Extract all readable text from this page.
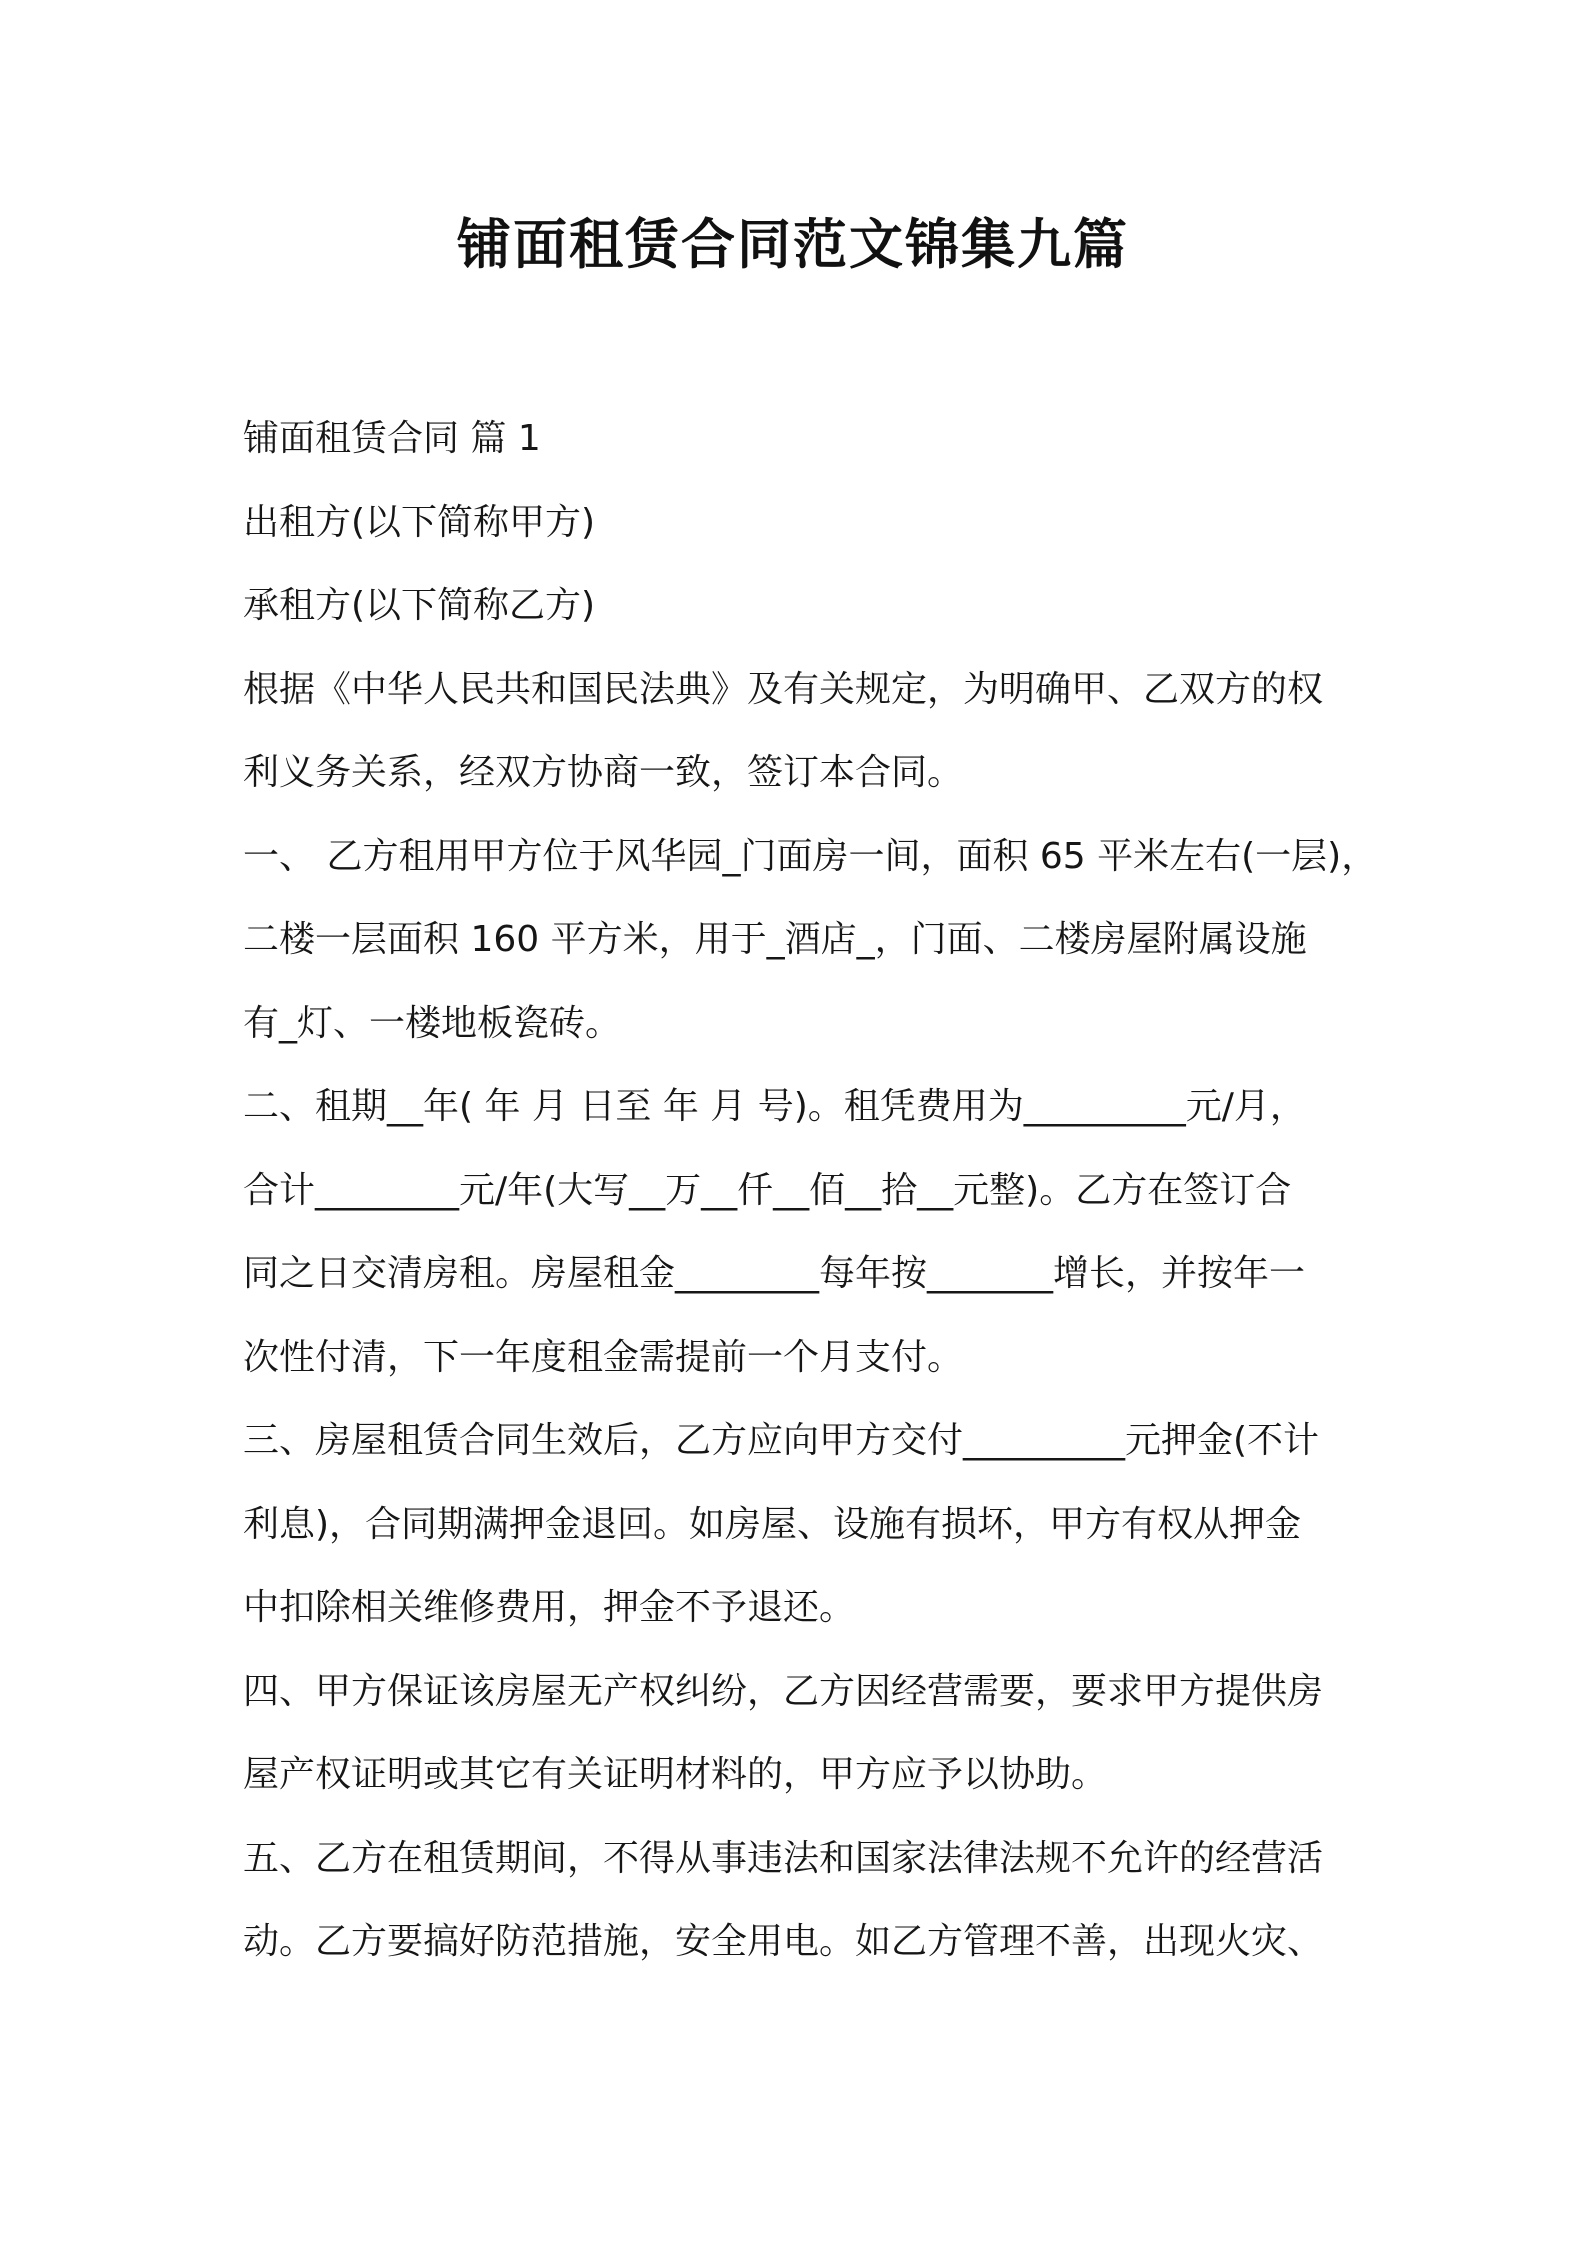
铺面租赁合同范文锦集九篇
铺面租赁合同 篇 1
出租方(以下简称甲方)
承租方(以下简称乙方)
根据《中华人民共和国民法典》及有关规定，为明确甲、乙双方的权
利义务关系，经双方协商一致，签订本合同。
一、 乙方租用甲方位于风华园_门面房一间，面积 65 平米左右(一层)，
二楼一层面积 160 平方米，用于_酒店_，门面、二楼房屋附属设施
有_灯、一楼地板瓷砖。
二、租期__年( 年 月 日至 年 月 号)。租凭费用为_________元/月，
合计________元/年(大写__万__仟__佰__拾__元整)。乙方在签订合
同之日交清房租。房屋租金________每年按_______增长，并按年一
次性付清，下一年度租金需提前一个月支付。
三、房屋租赁合同生效后，乙方应向甲方交付_________元押金(不计
利息)，合同期满押金退回。如房屋、设施有损坏，甲方有权从押金
中扣除相关维修费用，押金不予退还。
四、甲方保证该房屋无产权纠纷，乙方因经营需要，要求甲方提供房
屋产权证明或其它有关证明材料的，甲方应予以协助。
五、乙方在租赁期间，不得从事违法和国家法律法规不允许的经营活
动。乙方要搞好防范措施，安全用电。如乙方管理不善，出现火灾、
